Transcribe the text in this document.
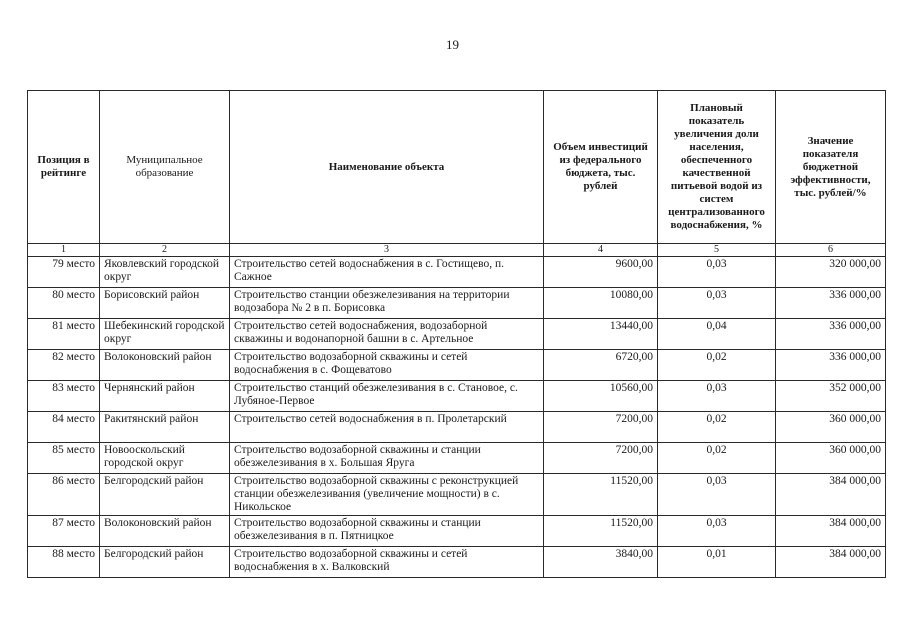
19
Позиция в рейтинге	Муниципальное образование	Наименование объекта	Объем инвестиций из федерального бюджета, тыс. рублей	Плановый показатель увеличения доли населения, обеспеченного качественной питьевой водой из систем централизованного водоснабжения, %	Значение показателя бюджетной эффективности, тыс. рублей/%
1	2	3	4	5	6
79 место	Яковлевский городской округ	Строительство сетей водоснабжения в с. Гостищево, п. Сажное	9600,00	0,03	320 000,00
80 место	Борисовский район	Строительство станции обезжелезивания на территории водозабора № 2 в п. Борисовка	10080,00	0,03	336 000,00
81 место	Шебекинский городской округ	Строительство сетей водоснабжения, водозаборной скважины и водонапорной башни в с. Артельное	13440,00	0,04	336 000,00
82 место	Волоконовский район	Строительство водозаборной скважины и сетей водоснабжения в с. Фощеватово	6720,00	0,02	336 000,00
83 место	Чернянский район	Строительство станций обезжелезивания в с. Становое, с. Лубяное-Первое	10560,00	0,03	352 000,00
84 место	Ракитянский район	Строительство сетей водоснабжения в п. Пролетарский	7200,00	0,02	360 000,00
85 место	Новооскольский городской округ	Строительство водозаборной скважины и станции обезжелезивания в х. Большая Яруга	7200,00	0,02	360 000,00
86 место	Белгородский район	Строительство водозаборной скважины с реконструкцией станции обезжелезивания (увеличение мощности) в с. Никольское	11520,00	0,03	384 000,00
87 место	Волоконовский район	Строительство водозаборной скважины и станции обезжелезивания в п. Пятницкое	11520,00	0,03	384 000,00
88 место	Белгородский район	Строительство водозаборной скважины и сетей водоснабжения в х. Валковский	3840,00	0,01	384 000,00
